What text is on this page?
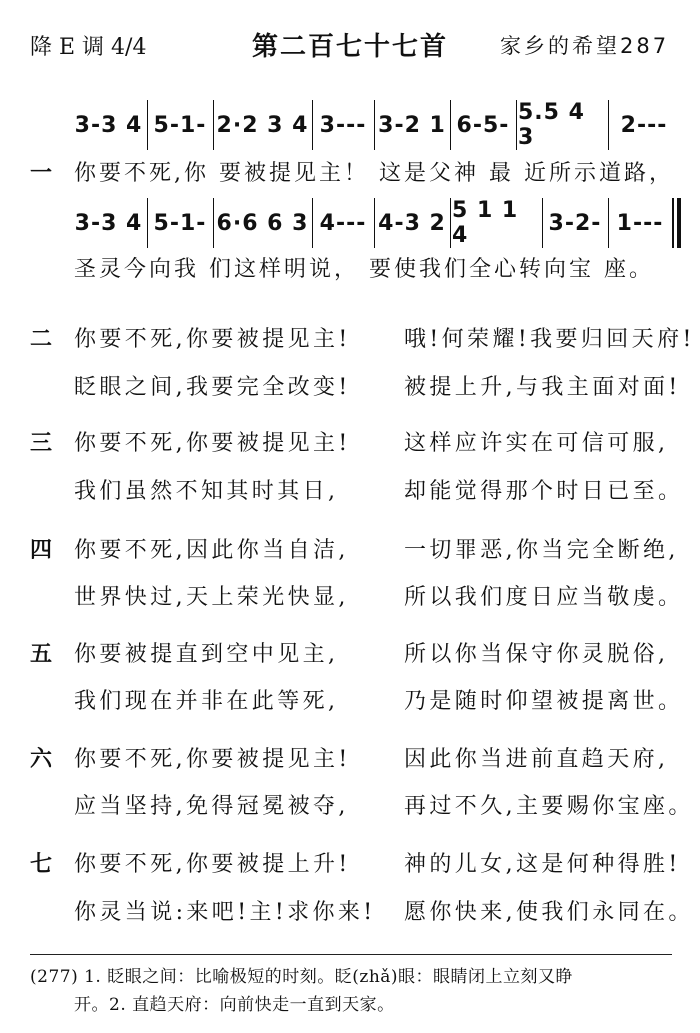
降 E 调 4/4	第二百七十七首 家乡的希望287
3-3 4 5-1- 2·2 3 4 3--- 3-2 1 6-5- 5.5 4 3	2---
一 你要不死,你 要被提见主！ 这是父神 最 近所示道路，
3-3 4 5-1- 6·6 6 3 4--- 4-3 2 5 1 1 4	3-2- 1---
圣灵今向我 们这样明说， 要使我们全心转向宝 座。
二 你要不死,你要被提见主! 哦!何荣耀!我要归回天府!
眨眼之间,我要完全改变! 被提上升,与我主面对面!
三 你要不死,你要被提见主! 这样应许实在可信可服,
我们虽然不知其时其日,	却能觉得那个时日已至。
四 你要不死,因此你当自洁,	一切罪恶,你当完全断绝,
世界快过,天上荣光快显,	所以我们度日应当敬虔。
五 你要被提直到空中见主,	所以你当保守你灵脱俗,
我们现在并非在此等死,	乃是随时仰望被提离世。
六 你要不死,你要被提见主! 因此你当进前直趋天府,
应当坚持,免得冠冕被夺,	再过不久,主要赐你宝座。
七 你要不死,你要被提上升! 神的儿女,这是何种得胜!
你灵当说:来吧!主!求你来! 愿你快来,使我们永同在。
(277) 1. 眨眼之间：比喻极短的时刻。眨(zhǎ)眼：眼睛闭上立刻又睁
开。2. 直趋天府：向前快走一直到天家。
